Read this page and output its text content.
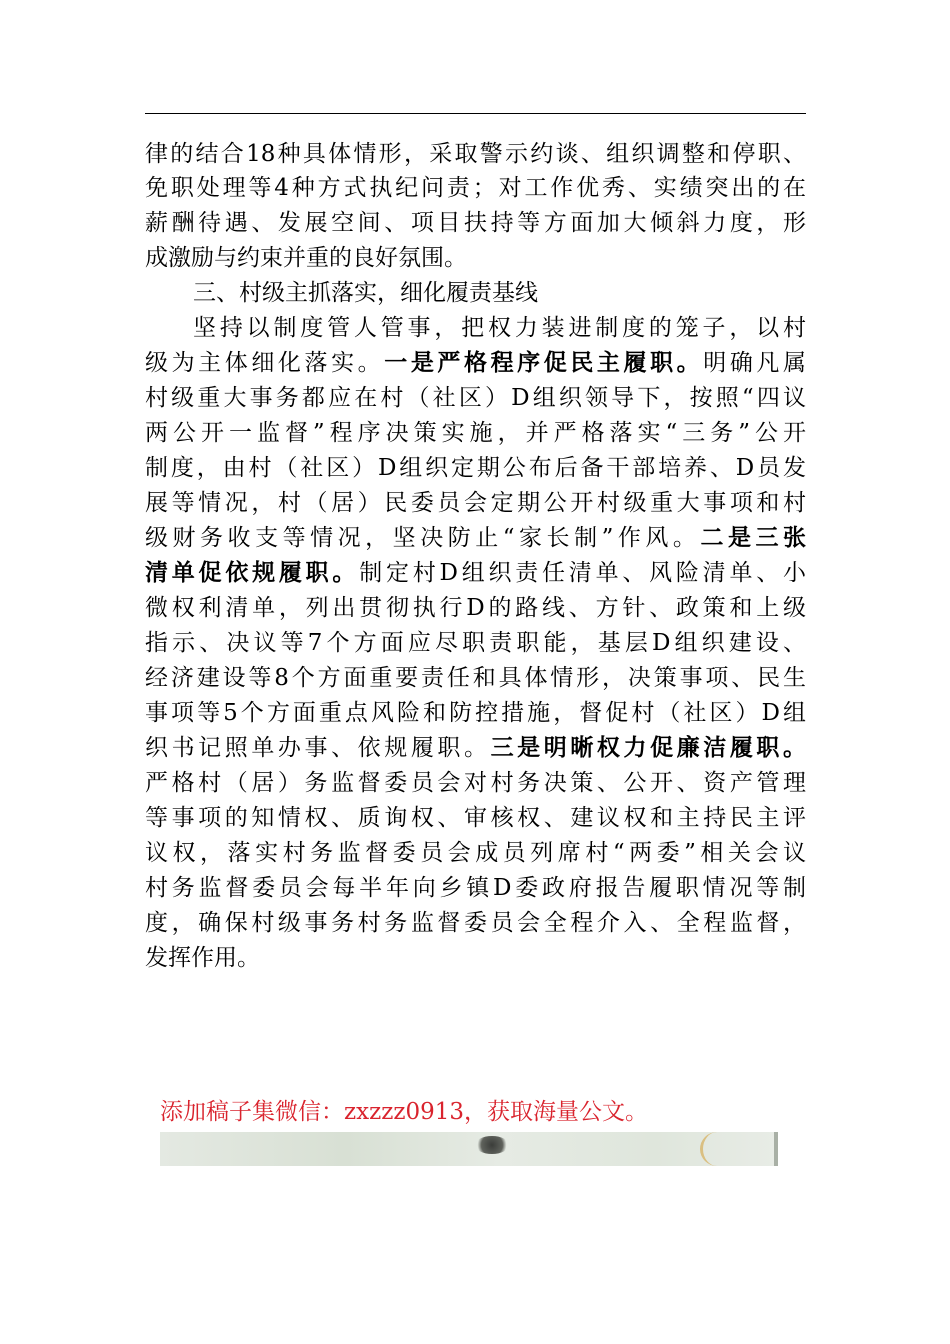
律的结合18种具体情形，采取警示约谈、组织调整和停职、
免职处理等4种方式执纪问责；对工作优秀、实绩突出的在
薪酬待遇、发展空间、项目扶持等方面加大倾斜力度，形
成激励与约束并重的良好氛围。
三、村级主抓落实，细化履责基线
坚持以制度管人管事，把权力装进制度的笼子，以村
级为主体细化落实。一是严格程序促民主履职。明确凡属
村级重大事务都应在村（社区）D组织领导下，按照“四议
两公开一监督”程序决策实施，并严格落实“三务”公开
制度，由村（社区）D组织定期公布后备干部培养、D员发
展等情况，村（居）民委员会定期公开村级重大事项和村
级财务收支等情况，坚决防止“家长制”作风。二是三张
清单促依规履职。制定村D组织责任清单、风险清单、小
微权利清单，列出贯彻执行D的路线、方针、政策和上级
指示、决议等7个方面应尽职责职能，基层D组织建设、
经济建设等8个方面重要责任和具体情形，决策事项、民生
事项等5个方面重点风险和防控措施，督促村（社区）D组
织书记照单办事、依规履职。三是明晰权力促廉洁履职。
严格村（居）务监督委员会对村务决策、公开、资产管理
等事项的知情权、质询权、审核权、建议权和主持民主评
议权，落实村务监督委员会成员列席村“两委”相关会议
村务监督委员会每半年向乡镇D委政府报告履职情况等制
度，确保村级事务村务监督委员会全程介入、全程监督，
发挥作用。
添加稿子集微信：zxzzz0913，获取海量公文。
